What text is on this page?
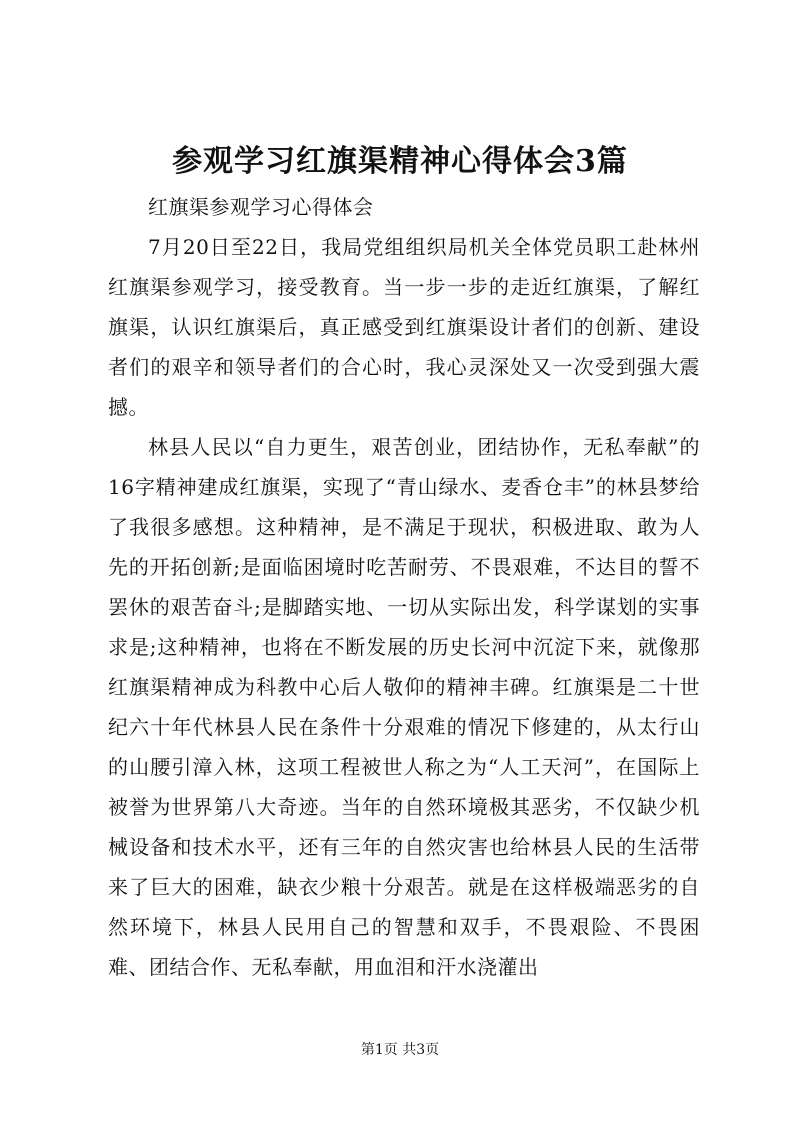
参观学习红旗渠精神心得体会3篇

红旗渠参观学习心得体会

7月20日至22日，我局党组组织局机关全体党员职工赴林州红旗渠参观学习，接受教育。当一步一步的走近红旗渠，了解红旗渠，认识红旗渠后，真正感受到红旗渠设计者们的创新、建设者们的艰辛和领导者们的合心时，我心灵深处又一次受到强大震撼。

林县人民以“自力更生，艰苦创业，团结协作，无私奉献”的16字精神建成红旗渠，实现了“青山绿水、麦香仓丰”的林县梦给了我很多感想。这种精神，是不满足于现状，积极进取、敢为人先的开拓创新;是面临困境时吃苦耐劳、不畏艰难，不达目的誓不罢休的艰苦奋斗;是脚踏实地、一切从实际出发，科学谋划的实事求是;这种精神，也将在不断发展的历史长河中沉淀下来，就像那红旗渠精神成为科教中心后人敬仰的精神丰碑。红旗渠是二十世纪六十年代林县人民在条件十分艰难的情况下修建的，从太行山的山腰引漳入林，这项工程被世人称之为“人工天河”，在国际上被誉为世界第八大奇迹。当年的自然环境极其恶劣，不仅缺少机械设备和技术水平，还有三年的自然灾害也给林县人民的生活带来了巨大的困难，缺衣少粮十分艰苦。就是在这样极端恶劣的自然环境下，林县人民用自己的智慧和双手，不畏艰险、不畏困难、团结合作、无私奉献，用血泪和汗水浇灌出

第1页 共3页
